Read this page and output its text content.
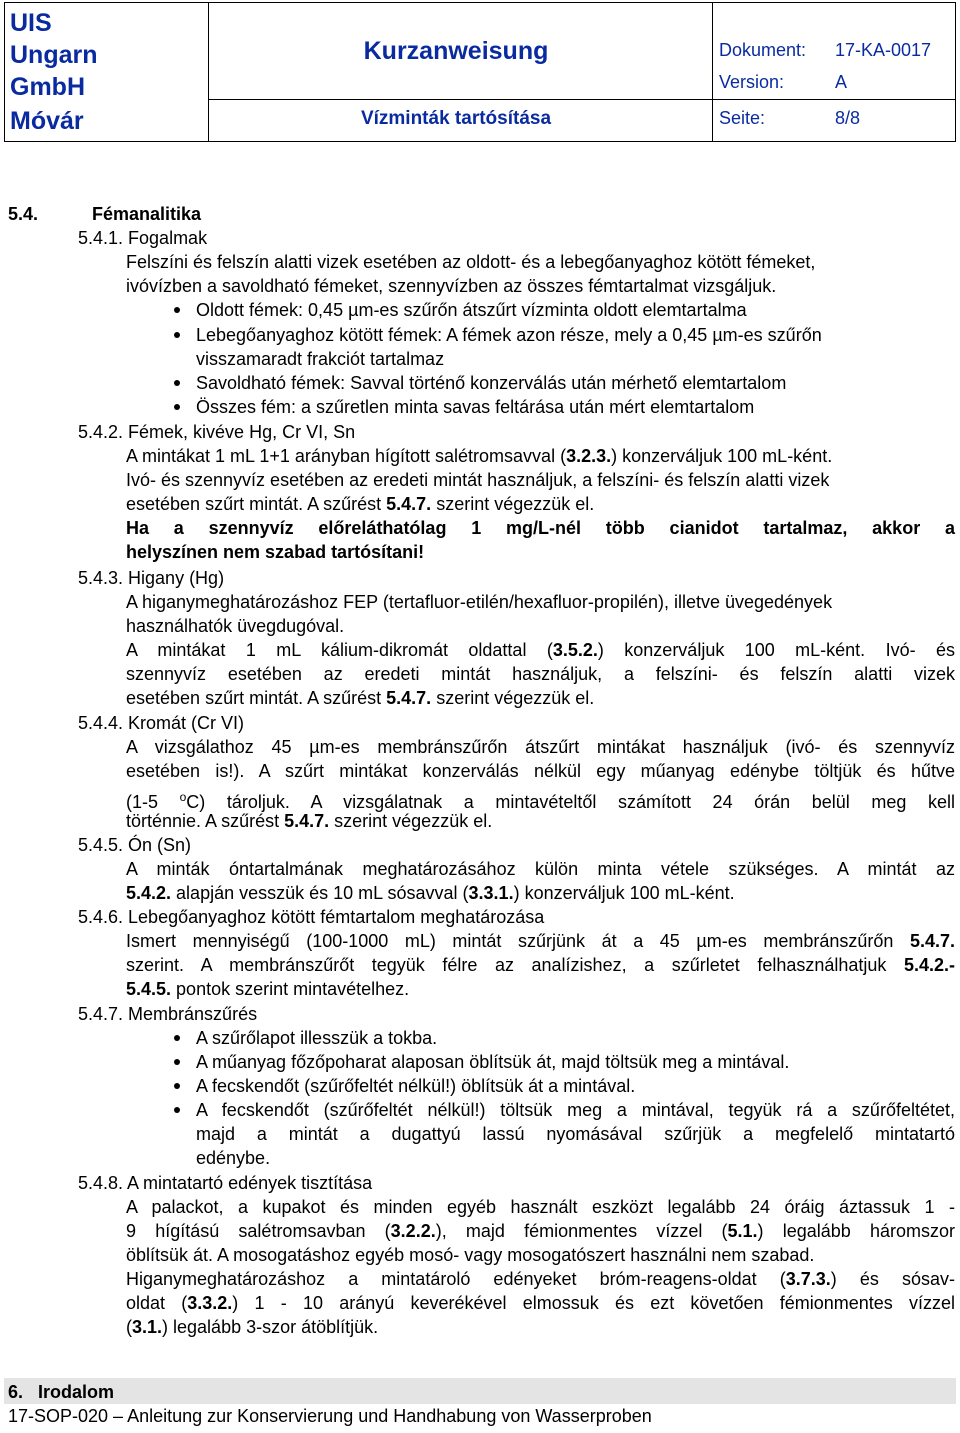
UIS
Ungarn
GmbH
Móvár
Kurzanweisung
Vízminták tartósítása
Dokument: 17-KA-0017
Version:	A
Seite:	8/8
5.4.	Fémanalitika
5.4.1. Fogalmak
Felszíni és felszín alatti vizek esetében az oldott- és a lebegőanyaghoz kötött fémeket,
ivóvízben a savoldható fémeket, szennyvízben az összes fémtartalmat vizsgáljuk.
Oldott fémek: 0,45 µm-es szűrőn átszűrt vízminta oldott elemtartalma
Lebegőanyaghoz kötött fémek: A fémek azon része, mely a 0,45 µm-es szűrőn
visszamaradt frakciót tartalmaz
Savoldható fémek: Savval történő konzerválás után mérhető elemtartalom
Összes fém: a szűretlen minta savas feltárása után mért elemtartalom
5.4.2. Fémek, kivéve Hg, Cr VI, Sn
A mintákat 1 mL 1+1 arányban hígított salétromsavval (3.2.3.) konzerváljuk 100 mL-ként.
Ivó- és szennyvíz esetében az eredeti mintát használjuk, a felszíni- és felszín alatti vizek
esetében szűrt mintát. A szűrést 5.4.7. szerint végezzük el.
Ha a szennyvíz előreláthatólag 1 mg/L-nél több cianidot tartalmaz, akkor a
helyszínen nem szabad tartósítani!
5.4.3. Higany (Hg)
A higanymeghatározáshoz FEP (tertafluor-etilén/hexafluor-propilén), illetve üvegedények
használhatók üvegdugóval.
A mintákat 1 mL kálium-dikromát oldattal (3.5.2.) konzerváljuk 100 mL-ként. Ivó- és
szennyvíz esetében az eredeti mintát használjuk, a felszíni- és felszín alatti vizek
esetében szűrt mintát. A szűrést 5.4.7. szerint végezzük el.
5.4.4. Kromát (Cr VI)
A vizsgálathoz 45 µm-es membránszűrőn átszűrt mintákat használjuk (ivó- és szennyvíz
esetében is!). A szűrt mintákat konzerválás nélkül egy műanyag edénybe töltjük és hűtve
(1-5 $^o$C) tároljuk. A vizsgálatnak a mintavételtől számított 24 órán belül meg kell
történnie. A szűrést 5.4.7. szerint végezzük el.
5.4.5. Ón (Sn)
A minták óntartalmának meghatározásához külön minta vétele szükséges. A mintát az
5.4.2. alapján vesszük és 10 mL sósavval (3.3.1.) konzerváljuk 100 mL-ként.
5.4.6. Lebegőanyaghoz kötött fémtartalom meghatározása
Ismert mennyiségű (100-1000 mL) mintát szűrjünk át a 45 µm-es membránszűrőn 5.4.7.
szerint. A membránszűrőt tegyük félre az analízishez, a szűrletet felhasználhatjuk 5.4.2.-
5.4.5. pontok szerint mintavételhez.
5.4.7. Membránszűrés
A szűrőlapot illesszük a tokba.
A műanyag főzőpoharat alaposan öblítsük át, majd töltsük meg a mintával.
A fecskendőt (szűrőfeltét nélkül!) öblítsük át a mintával.
A fecskendőt (szűrőfeltét nélkül!) töltsük meg a mintával, tegyük rá a szűrőfeltétet,
majd a mintát a dugattyú lassú nyomásával szűrjük a megfelelő mintatartó
edénybe.
5.4.8. A mintatartó edények tisztítása
A palackot, a kupakot és minden egyéb használt eszközt legalább 24 óráig áztassuk 1 -
9 hígítású salétromsavban (3.2.2.), majd fémionmentes vízzel (5.1.) legalább háromszor
öblítsük át. A mosogatáshoz egyéb mosó- vagy mosogatószert használni nem szabad.
Higanymeghatározáshoz a mintatároló edényeket bróm-reagens-oldat (3.7.3.) és sósav-
oldat (3.3.2.) 1 - 10 arányú keverékével elmossuk és ezt követően fémionmentes vízzel
(3.1.) legalább 3-szor átöblítjük.
6.   Irodalom
17-SOP-020 – Anleitung zur Konservierung und Handhabung von Wasserproben
